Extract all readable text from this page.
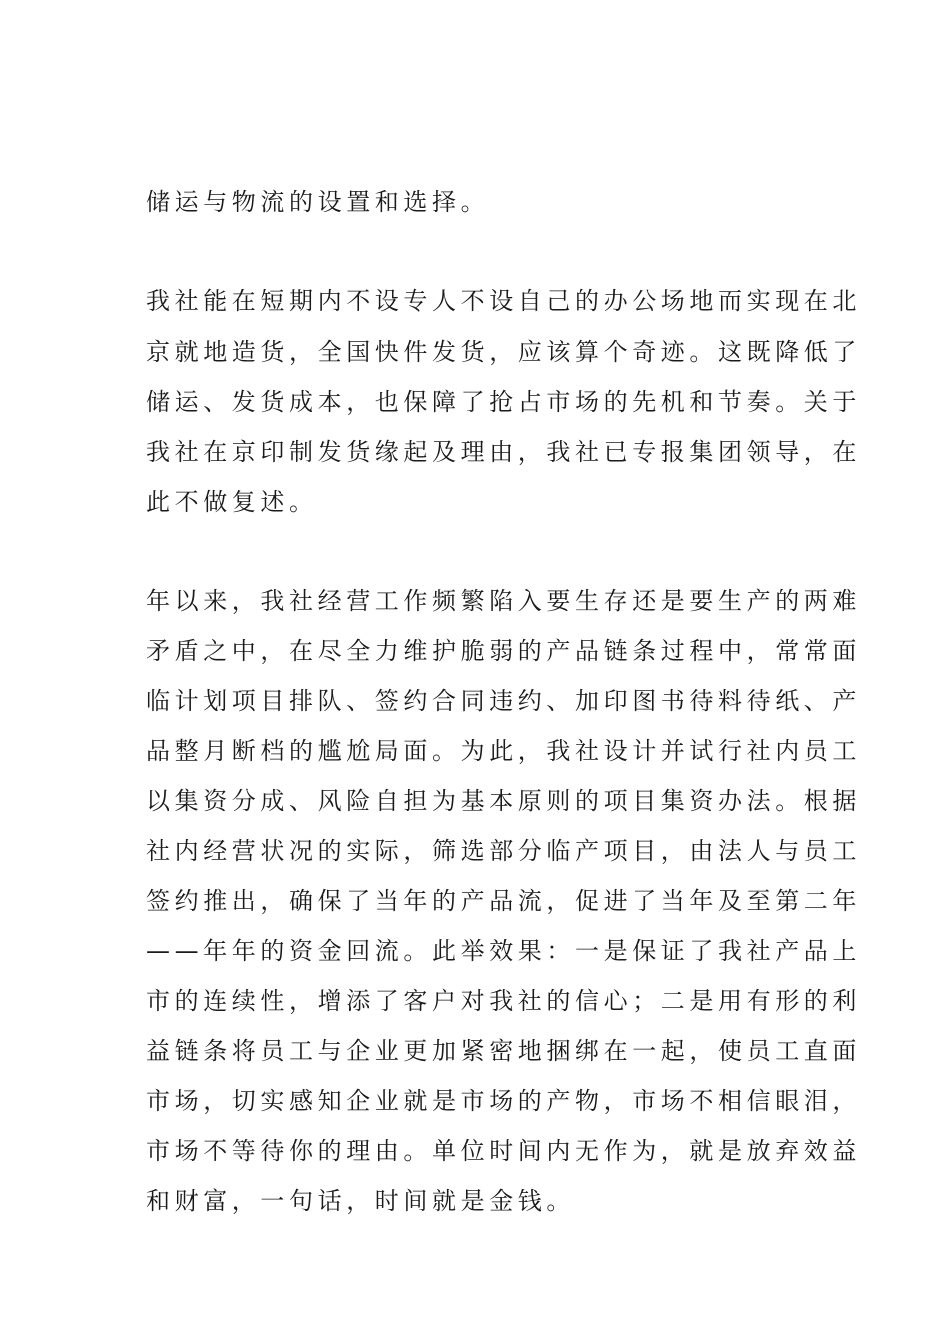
储运与物流的设置和选择。
我社能在短期内不设专人不设自己的办公场地而实现在北
京就地造货，全国快件发货，应该算个奇迹。这既降低了
储运、发货成本，也保障了抢占市场的先机和节奏。关于
我社在京印制发货缘起及理由，我社已专报集团领导，在
此不做复述。
年以来，我社经营工作频繁陷入要生存还是要生产的两难
矛盾之中，在尽全力维护脆弱的产品链条过程中，常常面
临计划项目排队、签约合同违约、加印图书待料待纸、产
品整月断档的尴尬局面。为此，我社设计并试行社内员工
以集资分成、风险自担为基本原则的项目集资办法。根据
社内经营状况的实际，筛选部分临产项目，由法人与员工
签约推出，确保了当年的产品流，促进了当年及至第二年
——年年的资金回流。此举效果：一是保证了我社产品上
市的连续性，增添了客户对我社的信心；二是用有形的利
益链条将员工与企业更加紧密地捆绑在一起，使员工直面
市场，切实感知企业就是市场的产物，市场不相信眼泪，
市场不等待你的理由。单位时间内无作为，就是放弃效益
和财富，一句话，时间就是金钱。
